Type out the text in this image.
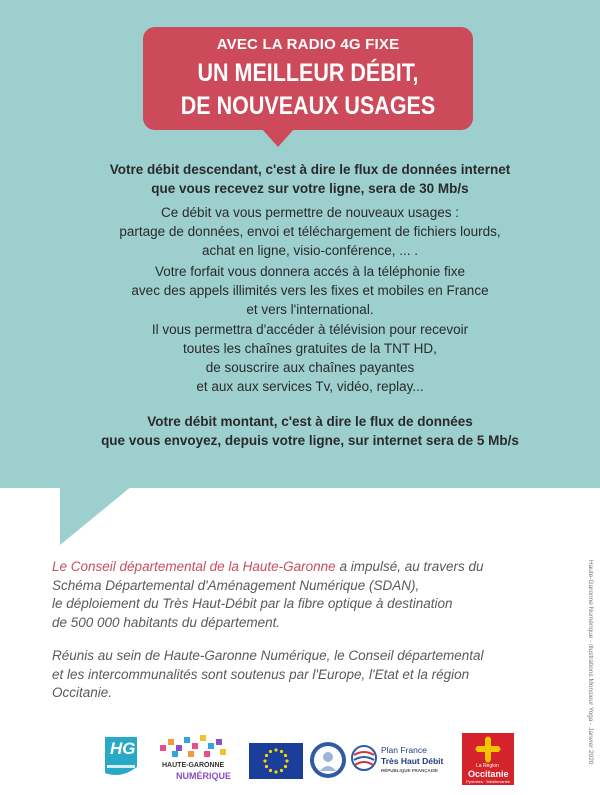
AVEC LA RADIO 4G FIXE
UN MEILLEUR DÉBIT,
DE NOUVEAUX USAGES
Votre débit descendant, c'est à dire le flux de données internet
que vous recevez sur votre ligne, sera de 30 Mb/s
Ce débit va vous permettre de nouveaux usages :
partage de données, envoi et téléchargement de fichiers lourds,
achat en ligne, visio-conférence, ... .
Votre forfait vous donnera accés à la téléphonie fixe
avec des appels illimités vers les fixes et mobiles en France
et vers l'international.
Il vous permettra d'accéder à télévision pour recevoir
toutes les chaînes gratuites de la TNT HD,
de souscrire aux chaînes payantes
et aux aux services Tv, vidéo, replay...
Votre débit montant, c'est à dire le flux de données
que vous envoyez, depuis votre ligne, sur internet sera de 5 Mb/s
Le Conseil départemental de la Haute-Garonne a impulsé, au travers du
Schéma Départemental d'Aménagement Numérique (SDAN),
le déploiement du Très Haut-Débit par la fibre optique à destination
de 500 000 habitants du département.
Réunis au sein de Haute-Garonne Numérique, le Conseil départemental
et les intercommunalités sont soutenus par l'Europe, l'Etat et la région
Occitanie.	Haute-Garonne Numérique - illustrations Monsieur Yoga - Janvier 2020
HG
HAUTE-GARONNE
NUMÉRIQUE
Plan France
Très Haut Débit
RÉPUBLIQUE FRANÇAISE
La Région
Occitanie
Pyrénées · Méditerranée
